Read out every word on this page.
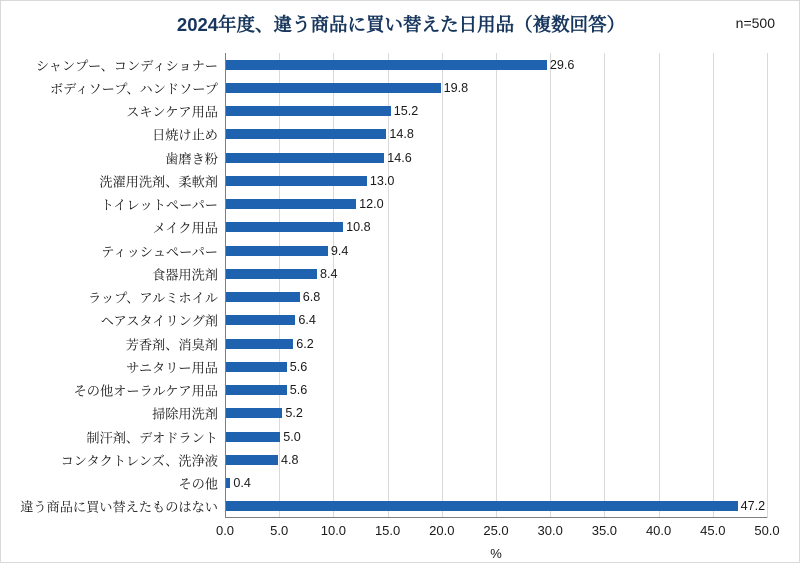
2024年度、違う商品に買い替えた日用品（複数回答）	n=500
シャンプー、コンディショナー	29.6
ボディソープ、ハンドソープ	19.8
スキンケア用品	15.2
日焼け止め	14.8
歯磨き粉	14.6
洗濯用洗剤、柔軟剤	13.0
トイレットペーパー	12.0
メイク用品	10.8
ティッシュペーパー	9.4
食器用洗剤	8.4
ラップ、アルミホイル	6.8
ヘアスタイリング剤	6.4
芳香剤、消臭剤	6.2
サニタリー用品	5.6
その他オーラルケア用品	5.6
掃除用洗剤	5.2
制汗剤、デオドラント	5.0
コンタクトレンズ、洗浄液	4.8
その他 0.4
違う商品に買い替えたものはない	47.2
0.0	5.0	10.0 15.0 20.0 25.0 30.0 35.0 40.0 45.0 50.0
%
